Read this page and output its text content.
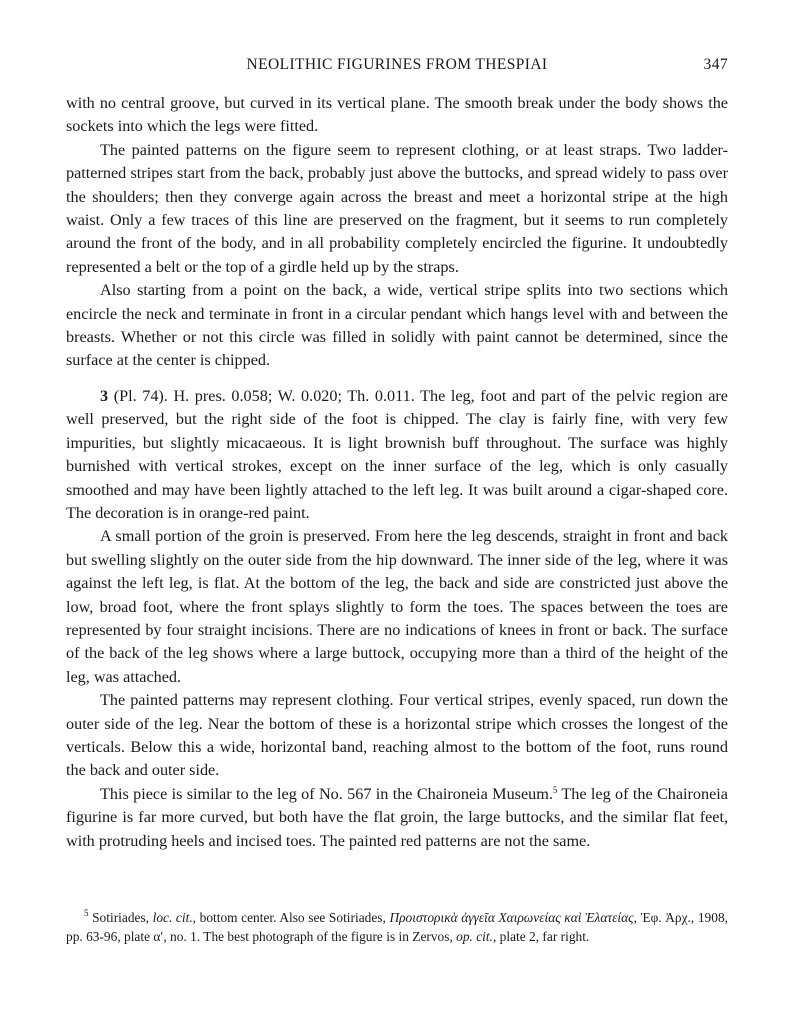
NEOLITHIC FIGURINES FROM THESPIAI	347

with no central groove, but curved in its vertical plane. The smooth break under the body shows the sockets into which the legs were fitted.

The painted patterns on the figure seem to represent clothing, or at least straps. Two ladder-patterned stripes start from the back, probably just above the buttocks, and spread widely to pass over the shoulders; then they converge again across the breast and meet a horizontal stripe at the high waist. Only a few traces of this line are preserved on the fragment, but it seems to run completely around the front of the body, and in all probability completely encircled the figurine. It undoubtedly represented a belt or the top of a girdle held up by the straps.

Also starting from a point on the back, a wide, vertical stripe splits into two sections which encircle the neck and terminate in front in a circular pendant which hangs level with and between the breasts. Whether or not this circle was filled in solidly with paint cannot be determined, since the surface at the center is chipped.

3 (Pl. 74). H. pres. 0.058; W. 0.020; Th. 0.011. The leg, foot and part of the pelvic region are well preserved, but the right side of the foot is chipped. The clay is fairly fine, with very few impurities, but slightly micacaeous. It is light brownish buff throughout. The surface was highly burnished with vertical strokes, except on the inner surface of the leg, which is only casually smoothed and may have been lightly attached to the left leg. It was built around a cigar-shaped core. The decoration is in orange-red paint.

A small portion of the groin is preserved. From here the leg descends, straight in front and back but swelling slightly on the outer side from the hip downward. The inner side of the leg, where it was against the left leg, is flat. At the bottom of the leg, the back and side are constricted just above the low, broad foot, where the front splays slightly to form the toes. The spaces between the toes are represented by four straight incisions. There are no indications of knees in front or back. The surface of the back of the leg shows where a large buttock, occupying more than a third of the height of the leg, was attached.

The painted patterns may represent clothing. Four vertical stripes, evenly spaced, run down the outer side of the leg. Near the bottom of these is a horizontal stripe which crosses the longest of the verticals. Below this a wide, horizontal band, reaching almost to the bottom of the foot, runs round the back and outer side.

This piece is similar to the leg of No. 567 in the Chaironeia Museum.$^5$ The leg of the Chaironeia figurine is far more curved, but both have the flat groin, the large buttocks, and the similar flat feet, with protruding heels and incised toes. The painted red patterns are not the same.

$^5$ Sotiriades, loc. cit., bottom center. Also see Sotiriades, Προιστορικὰ ἀγγεῖα Χαιρωνείας καὶ Ἐλατείας, Ἐφ. Ἀρχ., 1908, pp. 63-96, plate α′, no. 1. The best photograph of the figure is in Zervos, op. cit., plate 2, far right.
